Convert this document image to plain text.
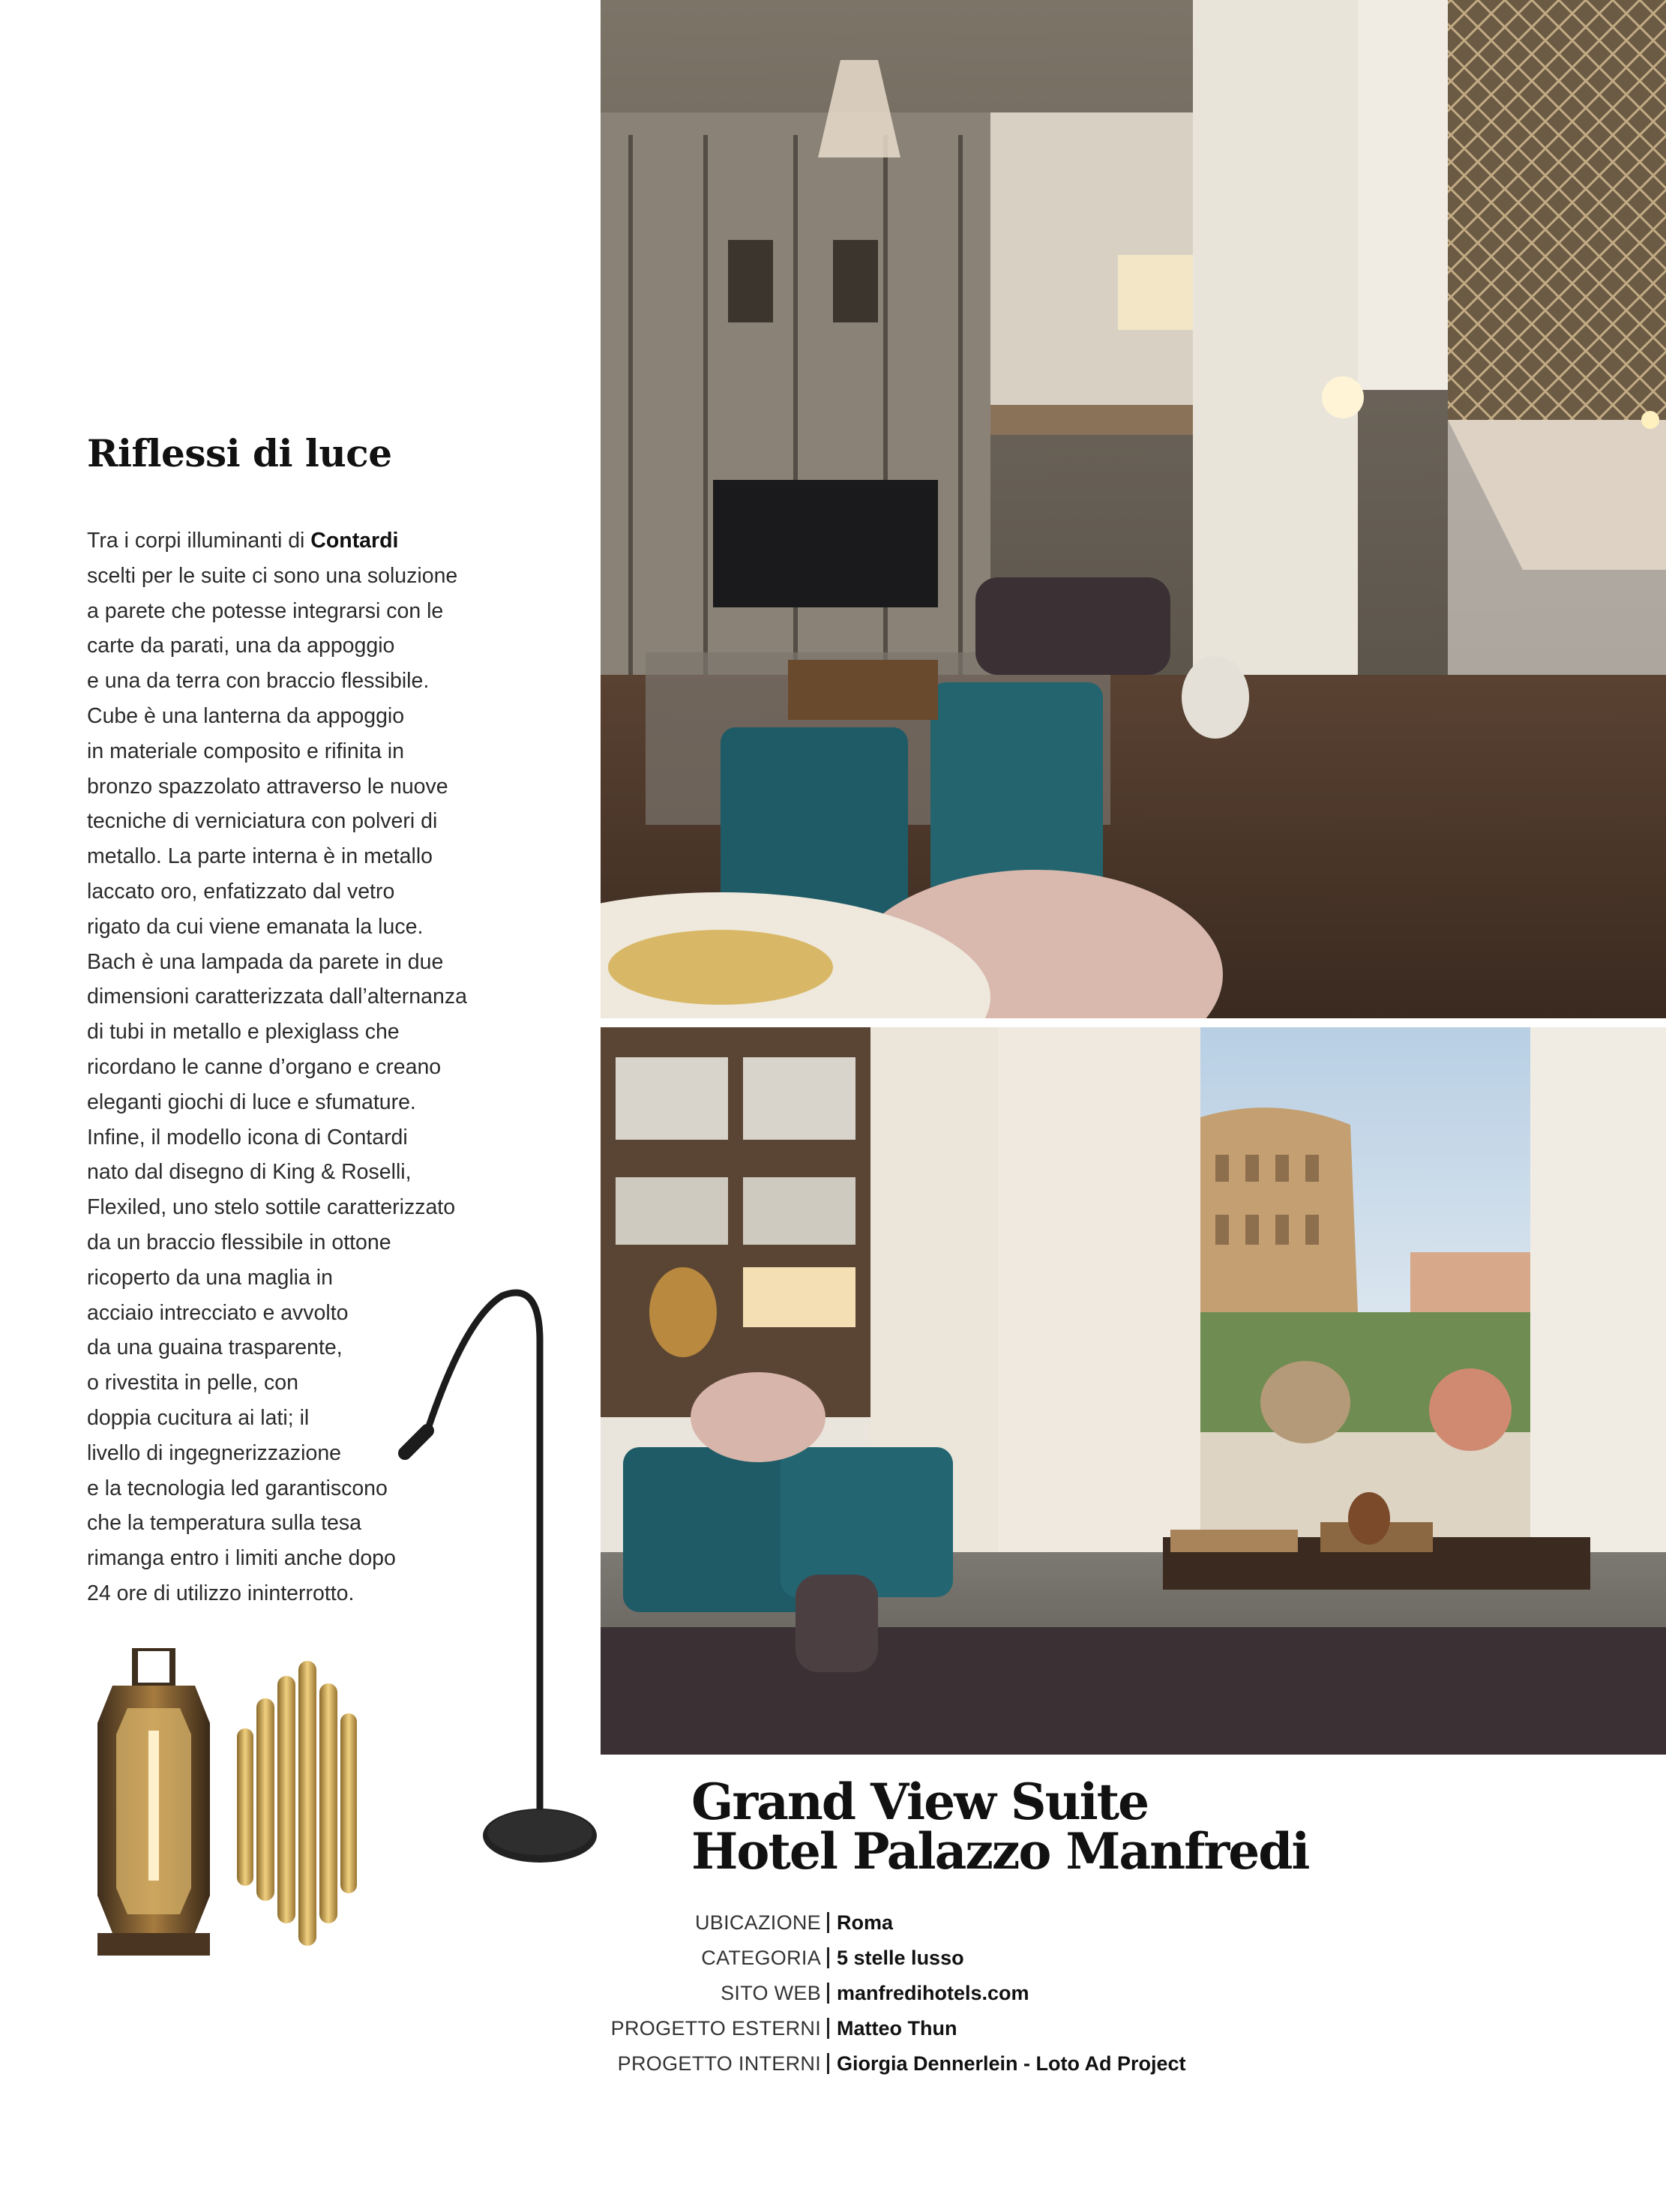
Riflessi di luce
Tra i corpi illuminanti di Contardi
scelti per le suite ci sono una soluzione
a parete che potesse integrarsi con le
carte da parati, una da appoggio
e una da terra con braccio flessibile.
Cube è una lanterna da appoggio
in materiale composito e rifinita in
bronzo spazzolato attraverso le nuove
tecniche di verniciatura con polveri di
metallo. La parte interna è in metallo
laccato oro, enfatizzato dal vetro
rigato da cui viene emanata la luce.
Bach è una lampada da parete in due
dimensioni caratterizzata dall’alternanza
di tubi in metallo e plexiglass che
ricordano le canne d’organo e creano
eleganti giochi di luce e sfumature.
Infine, il modello icona di Contardi
nato dal disegno di King & Roselli,
Flexiled, uno stelo sottile caratterizzato
da un braccio flessibile in ottone
ricoperto da una maglia in
acciaio intrecciato e avvolto
da una guaina trasparente,
o rivestita in pelle, con
doppia cucitura ai lati; il
livello di ingegnerizzazione
e la tecnologia led garantiscono
che la temperatura sulla tesa
rimanga entro i limiti anche dopo
24 ore di utilizzo ininterrotto.
Grand View Suite
Hotel Palazzo Manfredi
UBICAZIONE Roma
CATEGORIA 5 stelle lusso
SITO WEB manfredihotels.com
PROGETTO ESTERNI Matteo Thun
PROGETTO INTERNI Giorgia Dennerlein - Loto Ad Project
